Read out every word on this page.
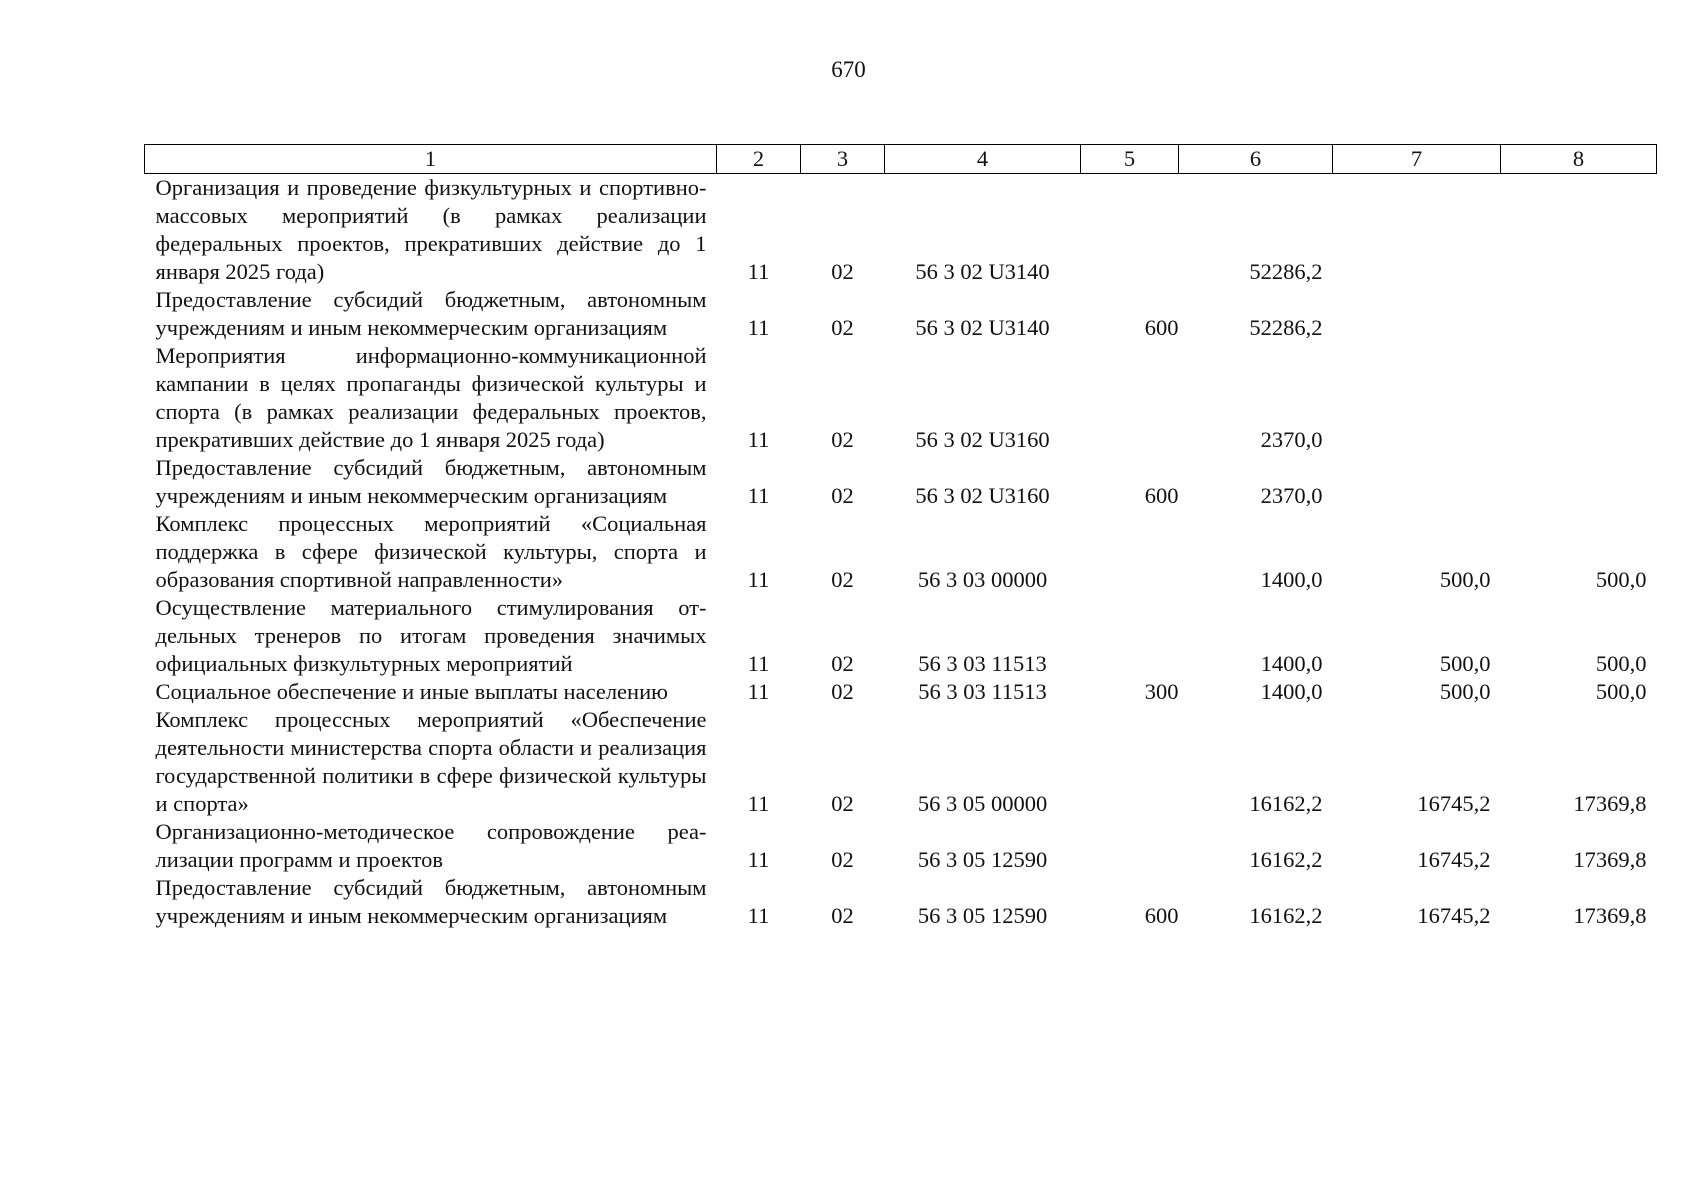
670
1	2	3	4	5	6	7	8
Организация и проведение физкультурных и спортивно-массовых мероприятий (в рамках реализации федеральных проектов, прекративших действие до 1 января 2025 года)	11	02	56 3 02 U3140		52286,2		
Предоставление субсидий бюджетным, автономным учреждениям и иным некоммерческим организациям	11	02	56 3 02 U3140	600	52286,2		
Мероприятия информационно-коммуникационной кампании в целях пропаганды физической культуры и спорта (в рамках реализации федеральных проектов, прекративших действие до 1 января 2025 года)	11	02	56 3 02 U3160		2370,0		
Предоставление субсидий бюджетным, автономным учреждениям и иным некоммерческим организациям	11	02	56 3 02 U3160	600	2370,0		
Комплекс процессных мероприятий «Социальная поддержка в сфере физической культуры, спорта и образования спортивной направленности»	11	02	56 3 03 00000		1400,0	500,0	500,0
Осуществление материального стимулирования отдельных тренеров по итогам проведения значимых официальных физкультурных мероприятий	11	02	56 3 03 11513		1400,0	500,0	500,0
Социальное обеспечение и иные выплаты населению	11	02	56 3 03 11513	300	1400,0	500,0	500,0
Комплекс процессных мероприятий «Обеспечение деятельности министерства спорта области и реализация государственной политики в сфере физической культуры и спорта»	11	02	56 3 05 00000		16162,2	16745,2	17369,8
Организационно-методическое сопровождение реализации программ и проектов	11	02	56 3 05 12590		16162,2	16745,2	17369,8
Предоставление субсидий бюджетным, автономным учреждениям и иным некоммерческим организациям	11	02	56 3 05 12590	600	16162,2	16745,2	17369,8
